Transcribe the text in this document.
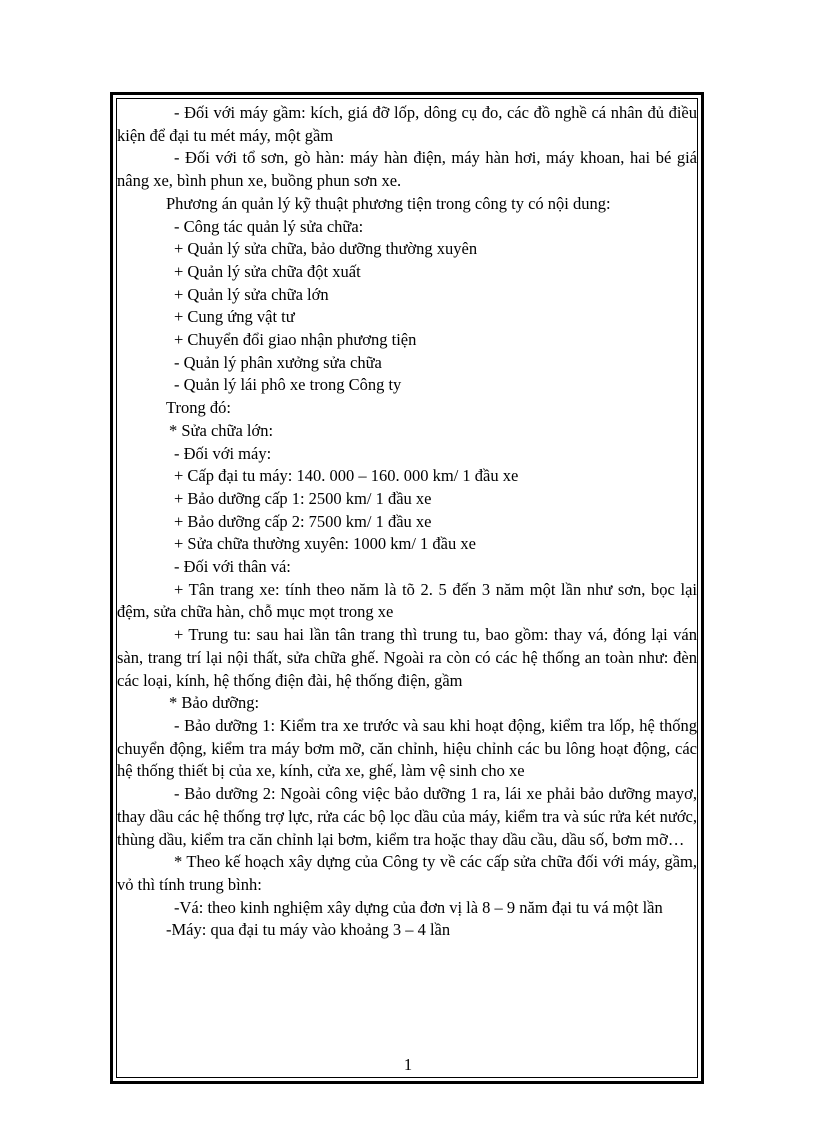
- Đối với máy gầm: kích, giá đỡ lốp, dông cụ đo, các đồ nghề cá nhân đủ điều kiện để đại tu mét máy, một gầm

- Đối với tổ sơn, gò hàn: máy hàn điện, máy hàn hơi, máy khoan, hai bé giá nâng xe, bình phun xe, buồng phun sơn xe.

Phương án quản lý kỹ thuật phương tiện trong công ty có nội dung:

- Công tác quản lý sửa chữa:

+ Quản lý sửa chữa, bảo dưỡng thường xuyên

+ Quản lý sửa chữa đột xuất

+ Quản lý sửa chữa lớn

+ Cung ứng vật tư

+ Chuyển đổi giao nhận phương tiện

- Quản lý phân xưởng sửa chữa

- Quản lý lái phô xe trong Công ty

Trong đó:

* Sửa chữa lớn:

- Đối với máy:

+ Cấp đại tu máy: 140. 000 – 160. 000 km/ 1 đầu xe

+ Bảo dưỡng cấp 1: 2500 km/ 1 đầu xe

+ Bảo dưỡng cấp 2: 7500 km/ 1 đầu xe

+ Sửa chữa thường xuyên: 1000 km/ 1 đầu xe

- Đối với thân vá:

+ Tân trang xe: tính theo năm là tõ 2. 5 đến 3 năm một lần như sơn, bọc lại đệm, sửa chữa hàn, chỗ mục mọt trong xe

+ Trung tu: sau hai lần tân trang thì trung tu, bao gồm: thay vá, đóng lại ván sàn, trang trí lại nội thất, sửa chữa ghế. Ngoài ra còn có các hệ thống an toàn như: đèn các loại, kính, hệ thống điện đài, hệ thống điện, gầm

* Bảo dưỡng:

- Bảo dưỡng 1: Kiểm tra xe trước và sau khi hoạt động, kiểm tra lốp, hệ thống chuyển động, kiểm tra máy bơm mỡ, căn chỉnh, hiệu chỉnh các bu lông hoạt động, các hệ thống thiết bị của xe, kính, cửa xe, ghế, làm vệ sinh cho xe

- Bảo dưỡng 2: Ngoài công việc bảo dưỡng 1 ra, lái xe phải bảo dưỡng mayơ, thay dầu các hệ thống trợ lực, rửa các bộ lọc dầu của máy, kiểm tra và súc rửa két nước, thùng dầu, kiểm tra căn chỉnh lại bơm, kiểm tra hoặc thay dầu cầu, dầu số, bơm mỡ…

* Theo kế hoạch xây dựng của Công ty về các cấp sửa chữa đối với máy, gầm, vỏ thì tính trung bình:

-Vá: theo kinh nghiệm xây dựng của đơn vị là 8 – 9 năm đại tu vá một lần

-Máy: qua đại tu máy vào khoảng 3 – 4 lần

1
